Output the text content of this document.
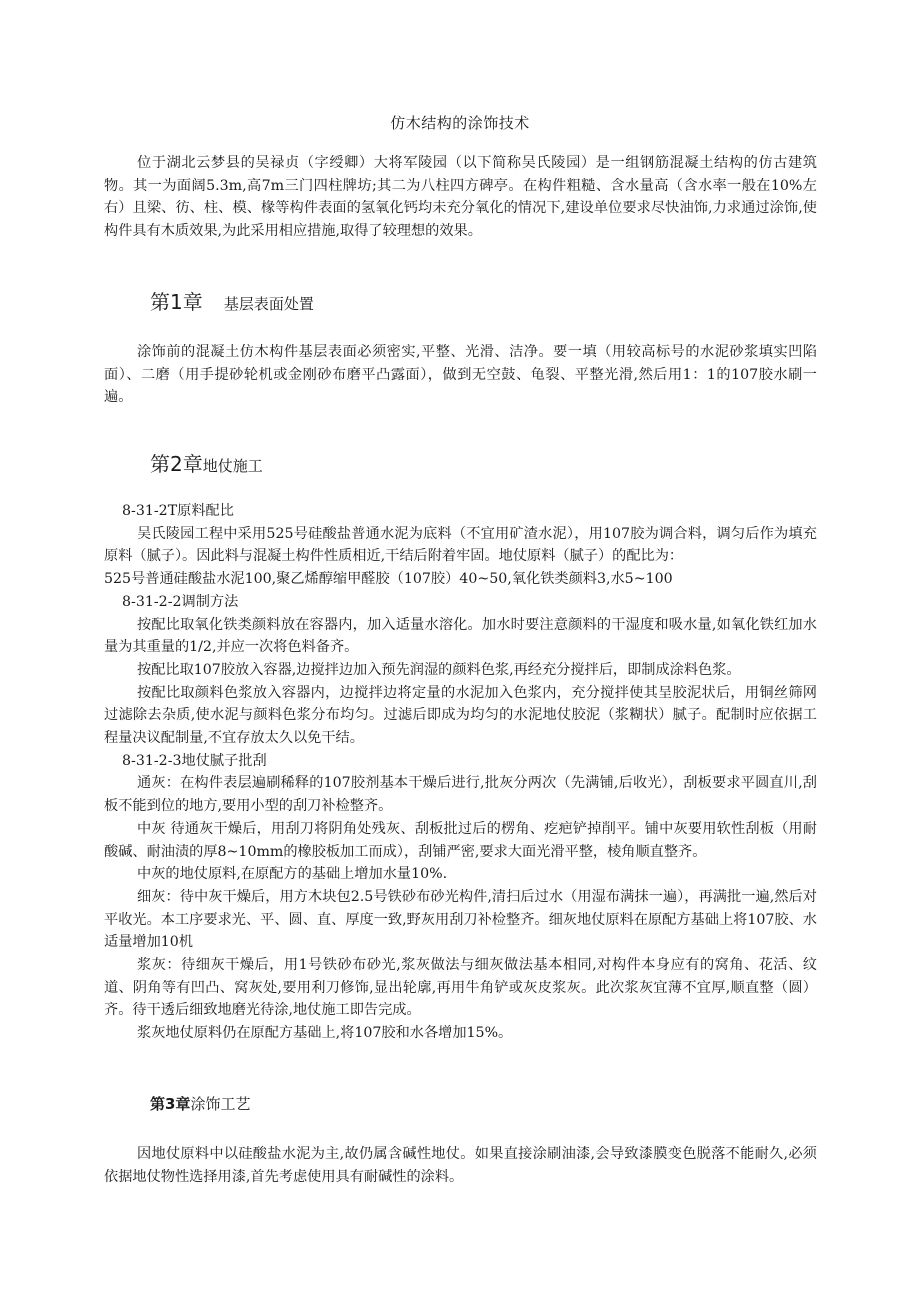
仿木结构的涂饰技术

位于湖北云梦县的吴禄贞（字绶卿）大将军陵园（以下简称吴氏陵园）是一组钢筋混凝土结构的仿古建筑物。其一为面阔5.3m,高7m三门四柱牌坊;其二为八柱四方碑亭。在构件粗糙、含水量高（含水率一般在10%左右）且梁、彷、柱、模、椽等构件表面的氢氧化钙均未充分氧化的情况下,建设单位要求尽快油饰,力求通过涂饰,使构件具有木质效果,为此采用相应措施,取得了较理想的效果。

第1章 基层表面处置

涂饰前的混凝土仿木构件基层表面必须密实,平整、光滑、洁净。要一填（用较高标号的水泥砂浆填实凹陷面）、二磨（用手提砂轮机或金刚砂布磨平凸露面），做到无空鼓、龟裂、平整光滑,然后用1：1的107胶水刷一遍。

第2章地仗施工

8-31-2T原料配比

吴氏陵园工程中采用525号硅酸盐普通水泥为底料（不宜用矿渣水泥），用107胶为调合料，调匀后作为填充原料（腻子）。因此料与混凝土构件性质相近,干结后附着牢固。地仗原料（腻子）的配比为：

525号普通硅酸盐水泥100,聚乙烯醇缩甲醛胶（107胶）40~50,氧化铁类颜料3,水5~100

8-31-2-2调制方法

按配比取氧化铁类颜料放在容器内，加入适量水溶化。加水时要注意颜料的干湿度和吸水量,如氧化铁红加水量为其重量的1/2,并应一次将色料备齐。

按配比取107胶放入容器,边搅拌边加入预先润湿的颜料色浆,再经充分搅拌后，即制成涂料色浆。

按配比取颜料色浆放入容器内，边搅拌边将定量的水泥加入色浆内，充分搅拌使其呈胶泥状后，用铜丝筛网过滤除去杂质,使水泥与颜料色浆分布均匀。过滤后即成为均匀的水泥地仗胶泥（浆糊状）腻子。配制时应依据工程量决议配制量,不宜存放太久以免干结。

8-31-2-3地仗腻子批刮

通灰：在构件表层遍刷稀释的107胶剂基本干燥后进行,批灰分两次（先满铺,后收光），刮板要求平圆直川,刮板不能到位的地方,要用小型的刮刀补检整齐。

中灰 待通灰干燥后，用刮刀将阴角处残灰、刮板批过后的楞角、疙疤铲掉削平。铺中灰要用软性刮板（用耐酸碱、耐油渍的厚8~10mm的橡胶板加工而成），刮铺严密,要求大面光滑平整，棱角顺直整齐。

中灰的地仗原料,在原配方的基础上增加水量10%.

细灰：待中灰干燥后，用方木块包2.5号铁砂布砂光构件,清扫后过水（用湿布满抹一遍），再满批一遍,然后对平收光。本工序要求光、平、圆、直、厚度一致,野灰用刮刀补检整齐。细灰地仗原料在原配方基础上将107胶、水适量增加10机

浆灰：待细灰干燥后，用1号铁砂布砂光,浆灰做法与细灰做法基本相同,对构件本身应有的窝角、花活、纹道、阴角等有凹凸、窝灰处,要用利刀修饰,显出轮廓,再用牛角铲或灰皮浆灰。此次浆灰宜薄不宜厚,顺直整（圆）齐。待干透后细致地磨光待涂,地仗施工即告完成。

浆灰地仗原料仍在原配方基础上,将107胶和水各增加15%。

第3章涂饰工艺

因地仗原料中以硅酸盐水泥为主,故仍属含碱性地仗。如果直接涂刷油漆,会导致漆膜变色脱落不能耐久,必须依据地仗物性选择用漆,首先考虑使用具有耐碱性的涂料。
